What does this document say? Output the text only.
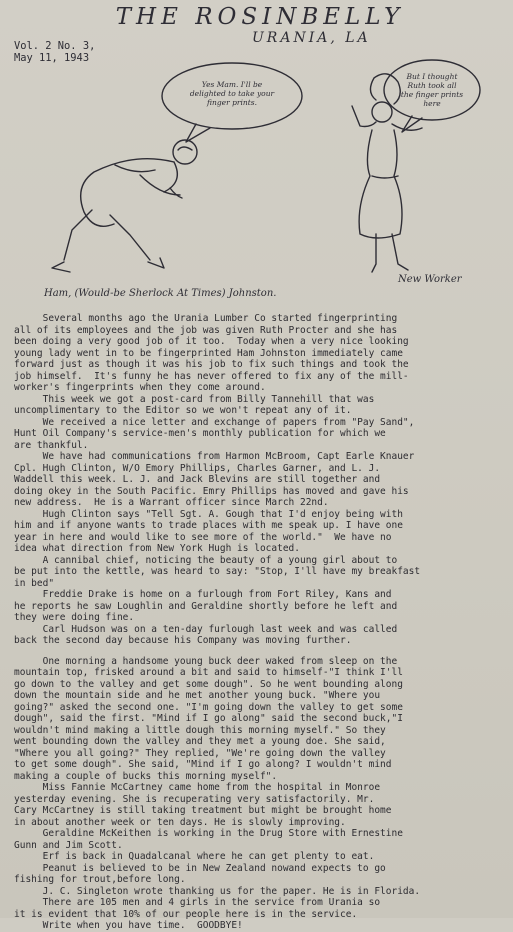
THE ROSINBELLY
URANIA, LA
Vol. 2 No. 3,
May 11, 1943
Yes Mam. I'll be
delighted to take your
finger prints.
But I thought
Ruth took all
the finger prints
here
Ham, (Would-be Sherlock At Times) Johnston.
New Worker

Several months ago the Urania Lumber Co started fingerprinting

all of its employees and the job was given Ruth Procter and she has

been doing a very good job of it too.  Today when a very nice looking

young lady went in to be fingerprinted Ham Johnston immediately came

forward just as though it was his job to fix such things and took the

job himself.  It's funny he has never offered to fix any of the mill-

worker's fingerprints when they come around.

This week we got a post-card from Billy Tannehill that was

uncomplimentary to the Editor so we won't repeat any of it.

We received a nice letter and exchange of papers from "Pay Sand",

Hunt Oil Company's service-men's monthly publication for which we

are thankful.

We have had communications from Harmon McBroom, Capt Earle Knauer

Cpl. Hugh Clinton, W/O Emory Phillips, Charles Garner, and L. J.

Waddell this week. L. J. and Jack Blevins are still together and

doing okey in the South Pacific. Emry Phillips has moved and gave his

new address.  He is a Warrant officer since March 22nd.

Hugh Clinton says "Tell Sgt. A. Gough that I'd enjoy being with

him and if anyone wants to trade places with me speak up. I have one

year in here and would like to see more of the world."  We have no

idea what direction from New York Hugh is located.

A cannibal chief, noticing the beauty of a young girl about to

be put into the kettle, was heard to say: "Stop, I'll have my breakfast

in bed"

Freddie Drake is home on a furlough from Fort Riley, Kans and

he reports he saw Loughlin and Geraldine shortly before he left and

they were doing fine.

Carl Hudson was on a ten-day furlough last week and was called

back the second day because his Company was moving further.

One morning a handsome young buck deer waked from sleep on the

mountain top, frisked around a bit and said to himself-"I think I'll

go down to the valley and get some dough". So he went bounding along

down the mountain side and he met another young buck. "Where you

going?" asked the second one. "I'm going down the valley to get some

dough", said the first. "Mind if I go along" said the second buck,"I

wouldn't mind making a little dough this morning myself." So they

went bounding down the valley and they met a young doe. She said,

"Where you all going?" They replied, "We're going down the valley

to get some dough". She said, "Mind if I go along? I wouldn't mind

making a couple of bucks this morning myself".

Miss Fannie McCartney came home from the hospital in Monroe

yesterday evening. She is recuperating very satisfactorily. Mr.

Cary McCartney is still taking treatment but might be brought home

in about another week or ten days. He is slowly improving.

Geraldine McKeithen is working in the Drug Store with Ernestine

Gunn and Jim Scott.

Erf is back in Quadalcanal where he can get plenty to eat.

Peanut is believed to be in New Zealand nowand expects to go

fishing for trout,before long.

J. C. Singleton wrote thanking us for the paper. He is in Florida.

There are 105 men and 4 girls in the service from Urania so

it is evident that 10% of our people here is in the service.

Write when you have time.  GOODBYE!
